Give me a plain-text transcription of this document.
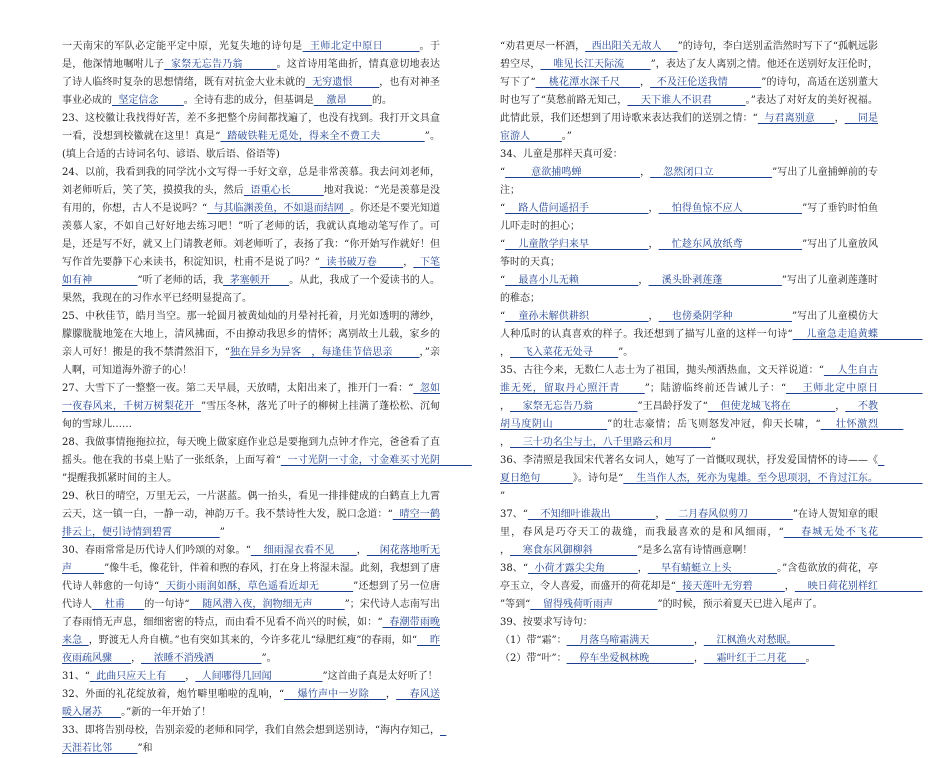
一天南宋的军队必定能平定中原，光复失地的诗句是  王师北定中原日          。于是，他深情地嘱咐儿子  家祭无忘告乃翁          。这首诗用笔曲折，情真意切地表达了诗人临终时复杂的思想情绪，既有对抗金大业未就的  无穷遗恨        ，也有对神圣事业必成的  坚定信念        。全诗有悲的成分，但基调是    激昂        的。

23、这校徽让我找得好苦，差不多把整个房间都找遍了，也没有找到。我打开文具盒一看，没想到校徽就在这里！真是“  踏破铁鞋无觅处，得来全不费工夫             ”。(填上合适的古诗词名句、谚语、歇后语、俗语等)

24、以前，我看到我的同学沈小文写得一手好文章，总是非常羡慕。我去问刘老师，刘老师听后，笑了笑，摸摸我的头，然后  语重心长          地对我说：“光是羡慕是没有用的，你想，古人不是说吗？“  与其临渊羡鱼，不如退而结网  。你还是不要光知道羡慕人家，不如自己好好地去练习吧！”听了老师的话，我就认真地动笔写作了。可是，还是写不好，就又上门请教老师。刘老师听了，表扬了我：“你开始写作就好！但写作首先要静下心来读书，积淀知识，杜甫不是说了吗？“  读书破万卷        ，  下笔如有神              ”听了老师的话，我  茅塞顿开      。从此，我成了一个爱读书的人。果然，我现在的习作水平已经明显提高了。

25、中秋佳节，皓月当空。那一轮圆月被黄灿灿的月晕衬托着，月光如透明的薄纱，朦朦胧胧地笼在大地上，清风拂面，不由撩动我思乡的情怀；离别故土儿载，家乡的亲人可好！搬是的我不禁潸然泪下，“独在异乡为异客   ，每逢佳节倍思亲        ，”亲人啊，可知道海外游子的心！

27、大雪下了一整整一夜。第二天早晨，天放晴，太阳出来了，推开门一看：“  忽如一夜春风来，千树万树梨花开  ”雪压冬林，落光了叶子的柳树上挂满了蓬松松、沉甸甸的雪球儿……

28、我做事情拖拖拉拉，每天晚上做家庭作业总是要拖到九点钟才作完，爸爸看了直摇头。他在我的书桌上贴了一张纸条，上面写着“  一寸光阴一寸金，寸金难买寸光阴          ”提醒我抓紧时间的主人。

29、秋日的晴空，万里无云，一片湛蓝。偶一抬头，看见一排排健成的白鹤直上九霄云天，这一镇一白，一静一动，神韵万千。我不禁诗性大发，脱口念道：“  晴空一鹤排云上，便引诗情到碧霄               ”

30、春雨常常是历代诗人们吟颂的对象。“    细雨湿衣看不见       ，    闲花落地听无声          ”像牛毛，像花针，伴着和煦的春风，打在身上将湿未湿。此刻，我想到了唐代诗人韩愈的一句诗“  天街小雨润如酥，草色遥看近却无          ”还想到了另一位唐代诗人    杜甫      的一句诗“    随风潜入夜，润物细无声          ”；宋代诗人志南写出了春雨悄无声息，细细密密的特点，而由看不见看不尚兴的时候，如：“  春潮带雨晚来急  ，野渡无人舟自横。”也有突如其来的，今许多花儿“绿肥红瘦”的春雨，如“    昨夜雨疏风骤      ，    浓睡不消残酒               ”。

31、“  此曲只应天上有      ，  人间哪得几回闻                ”这首曲子真是太好听了！

32、外面的礼花绽放着，炮竹噼里啪啦的乱响，“    爆竹声中一岁除     ，    春风送暖入屠苏      。”新的一年开始了！

33、即将告别母校，告别亲爱的老师和同学，我们自然会想到送别诗，“海内存知己，  天涯若比邻        ”和

“劝君更尽一杯酒，  西出阳关无故人     ”的诗句，李白送别孟浩然时写下了“孤帆远影碧空尽，    唯见长江天际流        ”，表达了友人离别之情。他还在送别好友汪伦时，写下了“    桃花潭水深千尺      ，  不及汪伦送我情          ”的诗句，高适在送别董大时也写了“莫愁前路无知己，    天下谁人不识君          。”表达了对好友的美好祝福。此情此景，我们还想到了用诗歌来表达我们的送别之情：“  与君离别意      ，    同是宦游人          。”

34、儿童是那样天真可爱：

“        意欲捕鸣蝉                  ，    忽然闭口立                  ”写出了儿童捕蝉前的专注；

“    路人借问遥招手                  ，    怕得鱼惊不应人                  ”写了垂钓时怕鱼儿吓走时的担心；

“    儿童散学归来早                  ，    忙趁东风放纸鸢                  ”写出了儿童放风筝时的天真；

“    最喜小儿无赖                  ，    溪头卧剥莲蓬                  ”写出了儿童剥莲蓬时的稚态；

“    童孙未解供耕织                  ，    也傍桑阴学种                  ”写出了儿童模仿大人种瓜时的认真喜欢的样子。我还想到了描写儿童的这样一句诗“    儿童急走追黄蝶              ，    飞入菜花无处寻        ”。

35、古往今来，无数仁人志士为了祖国，抛头颅洒热血，文天祥说道：“    人生自古谁无死，留取丹心照汗青      ”；陆游临终前还告诫儿子：“    王师北定中原日              ，    家祭无忘告乃翁              ”王昌龄抒发了“    但使龙城飞将在              ，    不教胡马度阴山              ”的壮志豪情；岳飞则怒发冲冠，仰天长啸，“    壮怀激烈        ，    三十功名尘与土，八千里路云和月            ”

36、李清照是我国宋代著名女词人，她写了一首慨叹现状，抒发爱国情怀的诗——《  夏日绝句          》。诗句是“    生当作人杰，死亦为鬼雄。至今思项羽，不肯过江东。              ”

37、“    不知细叶谁裁出              ，    二月春风似剪刀              ”在诗人贺知章的眼里，春风是巧夺天工的裁缝，而我最喜欢的是和风细雨，“    春城无处不飞花              ，    寒食东风御柳斜              ”是多么富有诗情画意啊！

38、“  小荷才露尖尖角          ，    早有蜻蜓立上头              。”含苞欲放的荷花，亭亭玉立，令人喜爱，而盛开的荷花却是“  接天莲叶无穷碧          ，    映日荷花别样红              ”等到“    留得残荷听雨声              ”的时候，预示着夏天已进入尾声了。

39、按要求写诗句：

（1）带“霜”：    月落乌啼霜满天              ，    江枫渔火对愁眠。

（2）带“叶”：    停车坐爱枫林晚              ，    霜叶红于二月花      。
